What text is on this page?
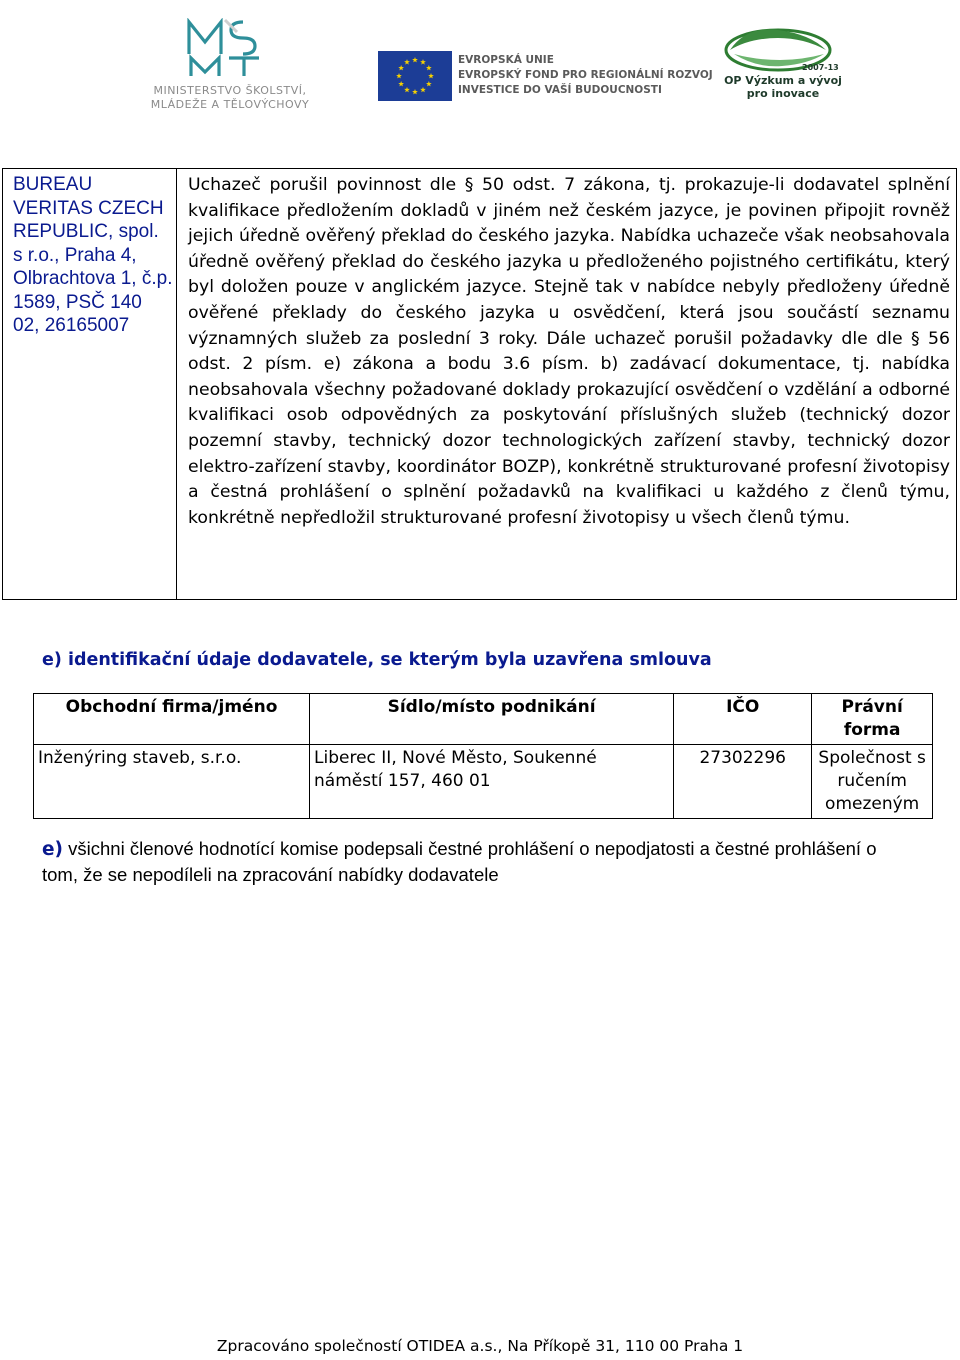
MINISTERSTVO ŠKOLSTVÍ,
MLÁDEŽE A TĚLOVÝCHOVY
EVROPSKÁ UNIE
EVROPSKÝ FOND PRO REGIONÁLNÍ ROZVOJ
INVESTICE DO VAŠÍ BUDOUCNOSTI
2007-13
OP Výzkum a vývoj
pro inovace
BUREAU VERITAS CZECH REPUBLIC, spol. s r.o., Praha 4, Olbrachtova 1, č.p. 1589, PSČ 140 02, 26165007
Uchazeč porušil povinnost dle § 50 odst. 7 zákona, tj. prokazuje-li dodavatel splnění kvalifikace předložením dokladů v jiném než českém jazyce, je povinen připojit rovněž jejich úředně ověřený překlad do českého jazyka. Nabídka uchazeče však neobsahovala úředně ověřený překlad do českého jazyka u předloženého pojistného certifikátu, který byl doložen pouze v anglickém jazyce. Stejně tak v nabídce nebyly předloženy úředně ověřené překlady do českého jazyka u osvědčení, která jsou součástí seznamu významných služeb za poslední 3 roky. Dále uchazeč porušil požadavky dle dle § 56 odst. 2 písm. e) zákona a bodu 3.6 písm. b) zadávací dokumentace, tj. nabídka neobsahovala všechny požadované doklady prokazující osvědčení o vzdělání a odborné kvalifikaci osob odpovědných za poskytování příslušných služeb (technický dozor pozemní stavby, technický dozor technologických zařízení stavby, technický dozor elektro-zařízení stavby, koordinátor BOZP), konkrétně strukturované profesní životopisy a čestná prohlášení o splnění požadavků na kvalifikaci u každého z členů týmu, konkrétně nepředložil strukturované profesní životopisy u všech členů týmu.
e) identifikační údaje dodavatele, se kterým byla uzavřena smlouva
Obchodní firma/jméno	Sídlo/místo podnikání	IČO	Právní forma
Inženýring staveb, s.r.o.	Liberec II, Nové Město, Soukenné náměstí 157, 460 01	27302296	Společnost s ručením omezeným
e) všichni členové hodnotící komise podepsali čestné prohlášení o nepodjatosti a čestné prohlášení o tom, že se nepodíleli na zpracování nabídky dodavatele
Zpracováno společností OTIDEA a.s., Na Příkopě 31, 110 00 Praha 1
